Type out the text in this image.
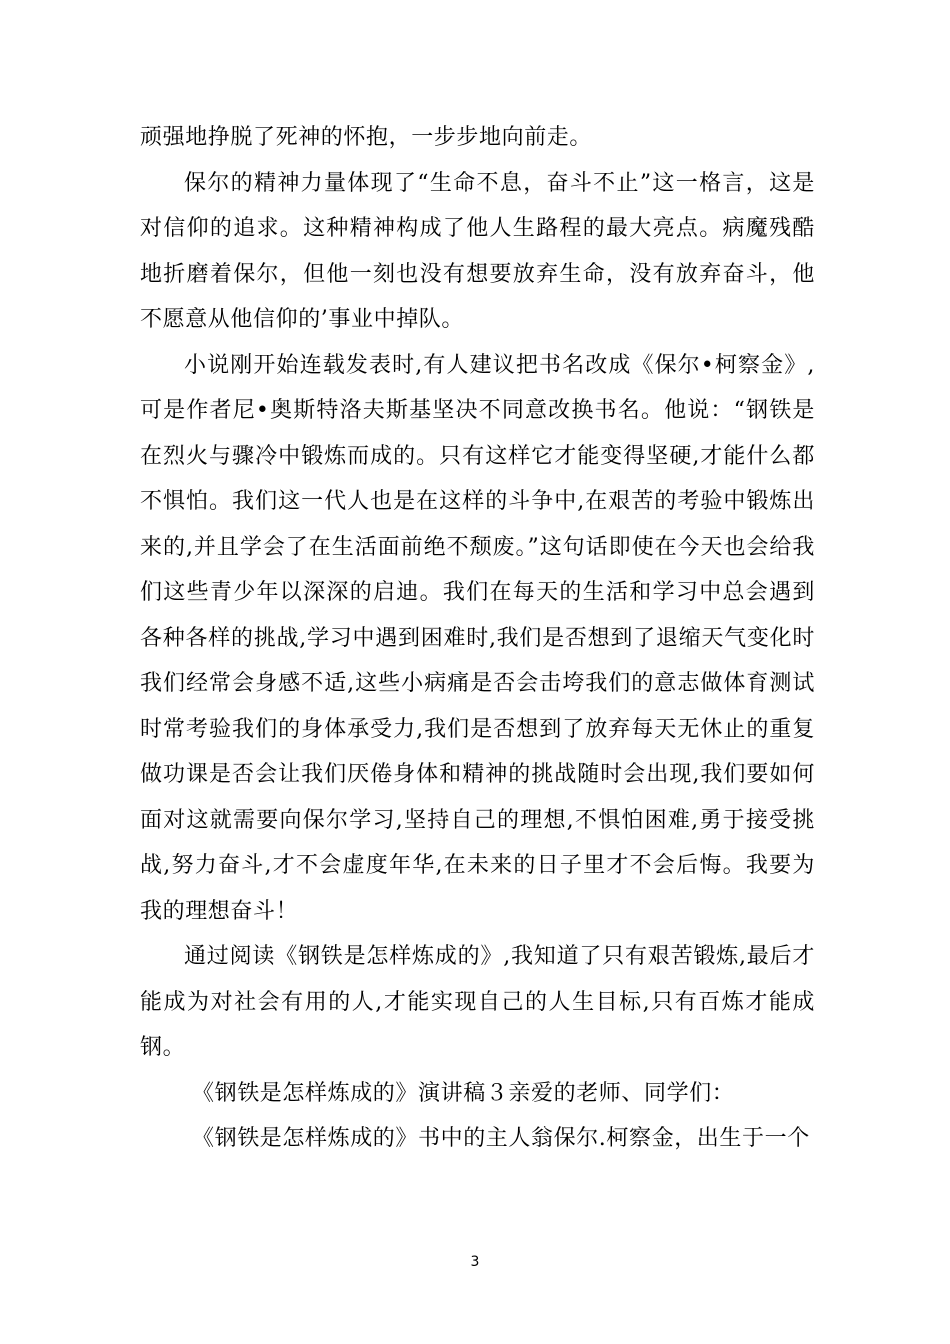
顽强地挣脱了死神的怀抱，一步步地向前走。

保尔的精神力量体现了“生命不息，奋斗不止”这一格言，这是对信仰的追求。这种精神构成了他人生路程的最大亮点。病魔残酷地折磨着保尔，但他一刻也没有想要放弃生命，没有放弃奋斗，他不愿意从他信仰的’事业中掉队。

小说刚开始连载发表时,有人建议把书名改成《保尔•柯察金》,可是作者尼•奥斯特洛夫斯基坚决不同意改换书名。他说：“钢铁是在烈火与骤冷中锻炼而成的。只有这样它才能变得坚硬,才能什么都不惧怕。我们这一代人也是在这样的斗争中,在艰苦的考验中锻炼出来的,并且学会了在生活面前绝不颓废。”这句话即使在今天也会给我们这些青少年以深深的启迪。我们在每天的生活和学习中总会遇到各种各样的挑战,学习中遇到困难时,我们是否想到了退缩天气变化时我们经常会身感不适,这些小病痛是否会击垮我们的意志做体育测试时常考验我们的身体承受力,我们是否想到了放弃每天无休止的重复做功课是否会让我们厌倦身体和精神的挑战随时会出现,我们要如何面对这就需要向保尔学习,坚持自己的理想,不惧怕困难,勇于接受挑战,努力奋斗,才不会虚度年华,在未来的日子里才不会后悔。我要为我的理想奋斗！

通过阅读《钢铁是怎样炼成的》,我知道了只有艰苦锻炼,最后才能成为对社会有用的人,才能实现自己的人生目标,只有百炼才能成钢。

《钢铁是怎样炼成的》演讲稿３亲爱的老师、同学们：

《钢铁是怎样炼成的》书中的主人翁保尔.柯察金，出生于一个

3
